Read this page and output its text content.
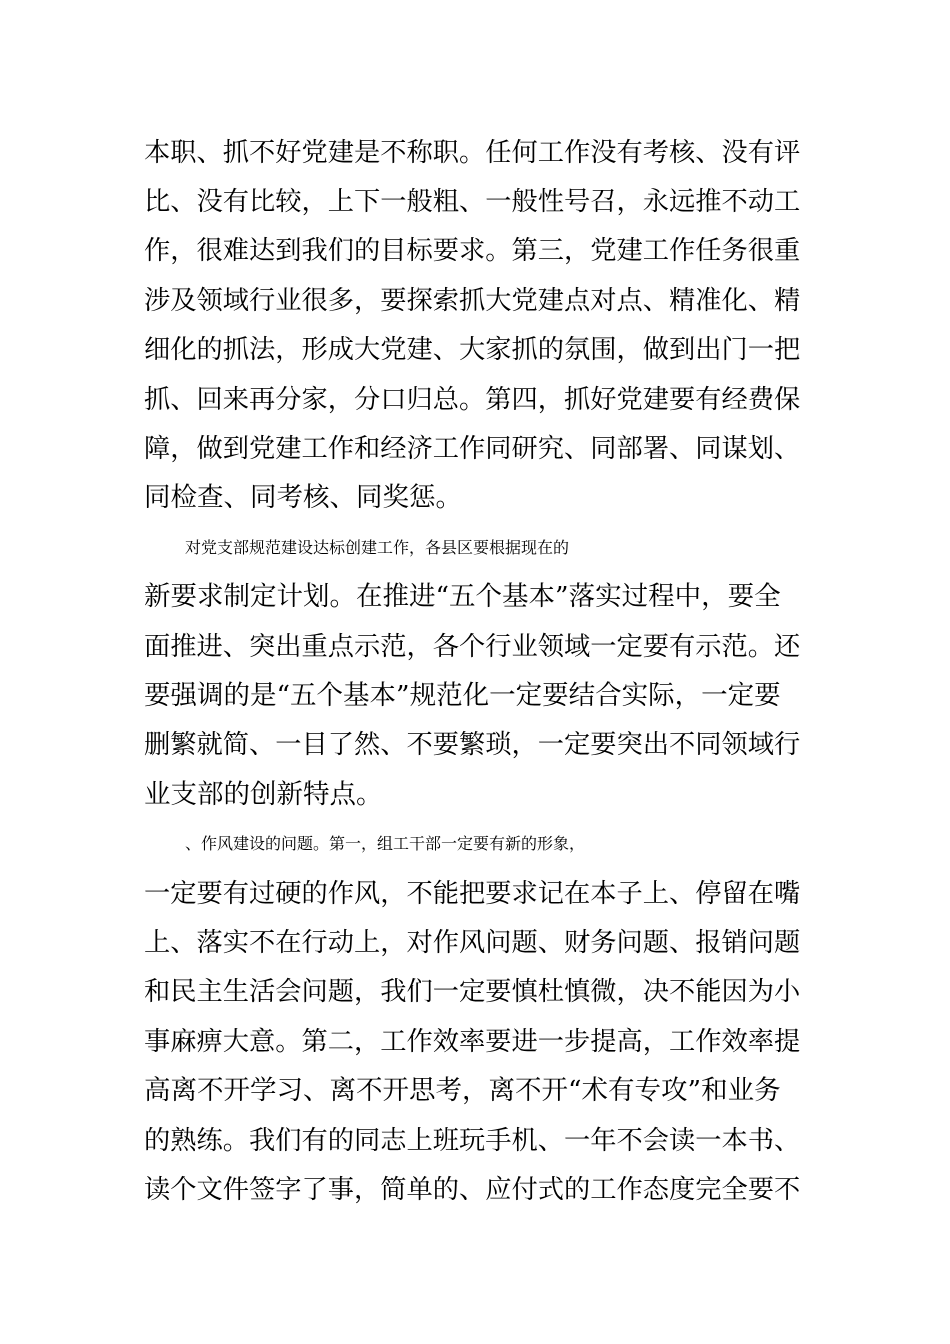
本职、抓不好党建是不称职。任何工作没有考核、没有评
比、没有比较，上下一般粗、一般性号召，永远推不动工
作，很难达到我们的目标要求。第三，党建工作任务很重
涉及领域行业很多，要探索抓大党建点对点、精准化、精
细化的抓法，形成大党建、大家抓的氛围，做到出门一把
抓、回来再分家，分口归总。第四，抓好党建要有经费保
障，做到党建工作和经济工作同研究、同部署、同谋划、
同检查、同考核、同奖惩。
对党支部规范建设达标创建工作，各县区要根据现在的
新要求制定计划。在推进“五个基本”落实过程中，要全
面推进、突出重点示范，各个行业领域一定要有示范。还
要强调的是“五个基本”规范化一定要结合实际，一定要
删繁就简、一目了然、不要繁琐，一定要突出不同领域行
业支部的创新特点。
、作风建设的问题。第一，组工干部一定要有新的形象，
一定要有过硬的作风，不能把要求记在本子上、停留在嘴
上、落实不在行动上，对作风问题、财务问题、报销问题
和民主生活会问题，我们一定要慎杜慎微，决不能因为小
事麻痹大意。第二，工作效率要进一步提高，工作效率提
高离不开学习、离不开思考，离不开“术有专攻”和业务
的熟练。我们有的同志上班玩手机、一年不会读一本书、
读个文件签字了事，简单的、应付式的工作态度完全要不
